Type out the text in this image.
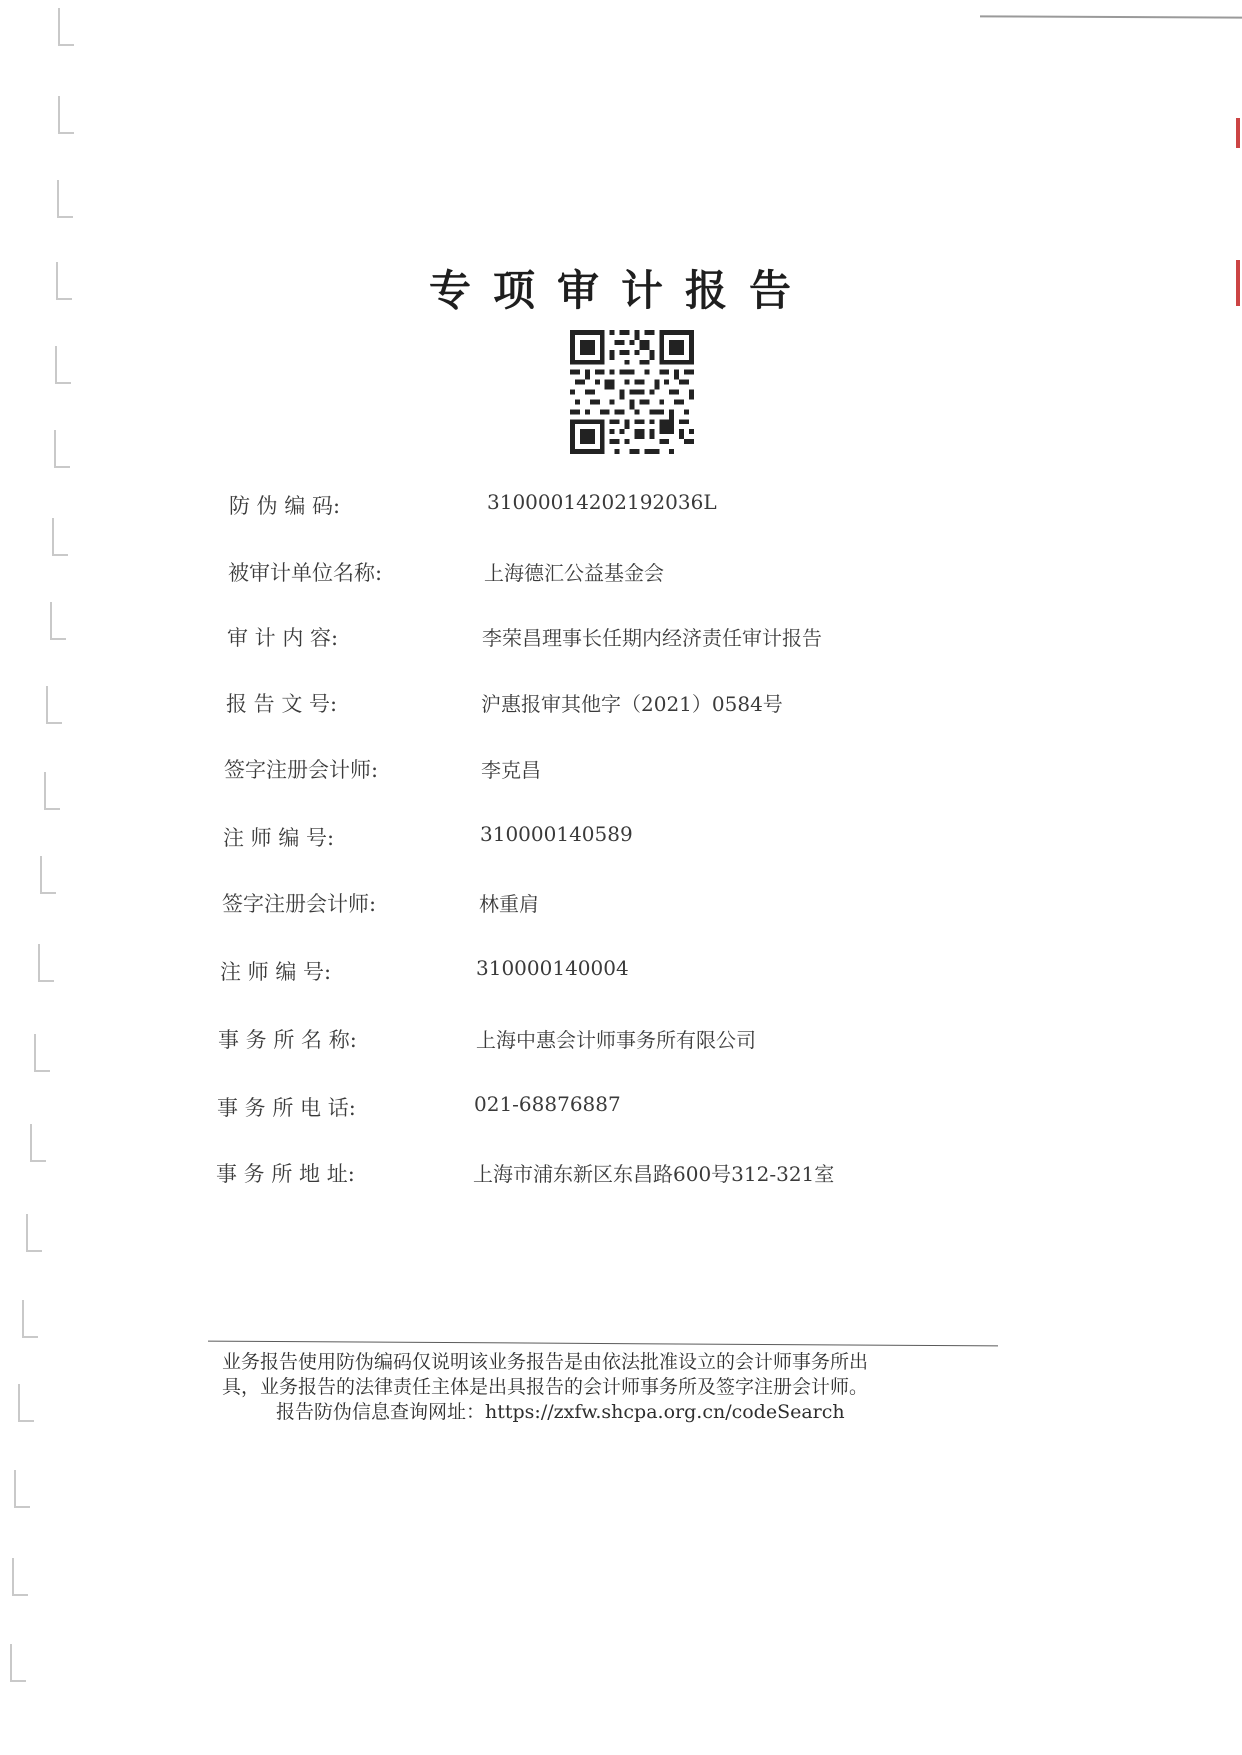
专项审计报告
防 伪 编 码:	31000014202192036L
被审计单位名称:	上海德汇公益基金会
审 计 内 容:	李荣昌理事长任期内经济责任审计报告
报 告 文 号:	沪惠报审其他字（2021）0584号
签字注册会计师:	李克昌
注 师 编 号:	310000140589
签字注册会计师:	林重肩
注 师 编 号:	310000140004
事 务 所 名 称:	上海中惠会计师事务所有限公司
事 务 所 电 话:	021-68876887
事 务 所 地 址:	上海市浦东新区东昌路600号312-321室
业务报告使用防伪编码仅说明该业务报告是由依法批准设立的会计师事务所出
具，业务报告的法律责任主体是出具报告的会计师事务所及签字注册会计师。
报告防伪信息查询网址：https://zxfw.shcpa.org.cn/codeSearch
